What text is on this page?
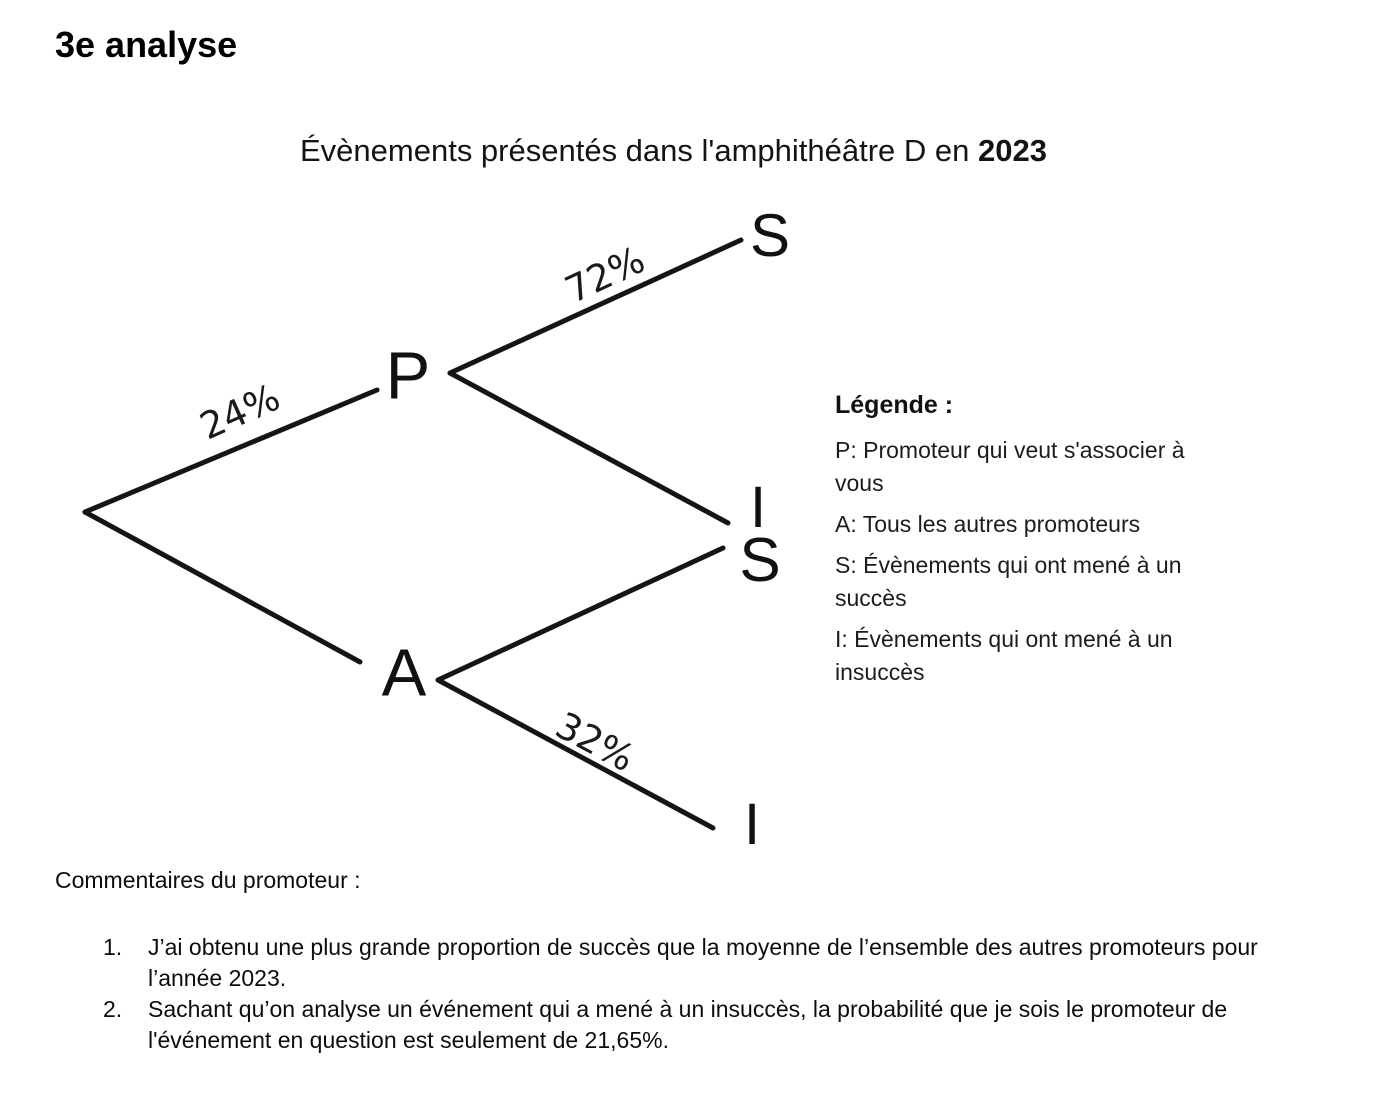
3e analyse
Évènements présentés dans l'amphithéâtre D en 2023
P
S
I
S
A
I
24%
72%
32%

Légende :

P: Promoteur qui veut s'associer à vous

A: Tous les autres promoteurs

S: Évènements qui ont mené à un succès

I: Évènements qui ont mené à un insuccès

Commentaires du promoteur :
1.	J’ai obtenu une plus grande proportion de succès que la moyenne de l’ensemble des autres promoteurs pour l’année 2023.
2.	Sachant qu’on analyse un événement qui a mené à un insuccès, la probabilité que je sois le promoteur de l'événement en question est seulement de 21,65%.
